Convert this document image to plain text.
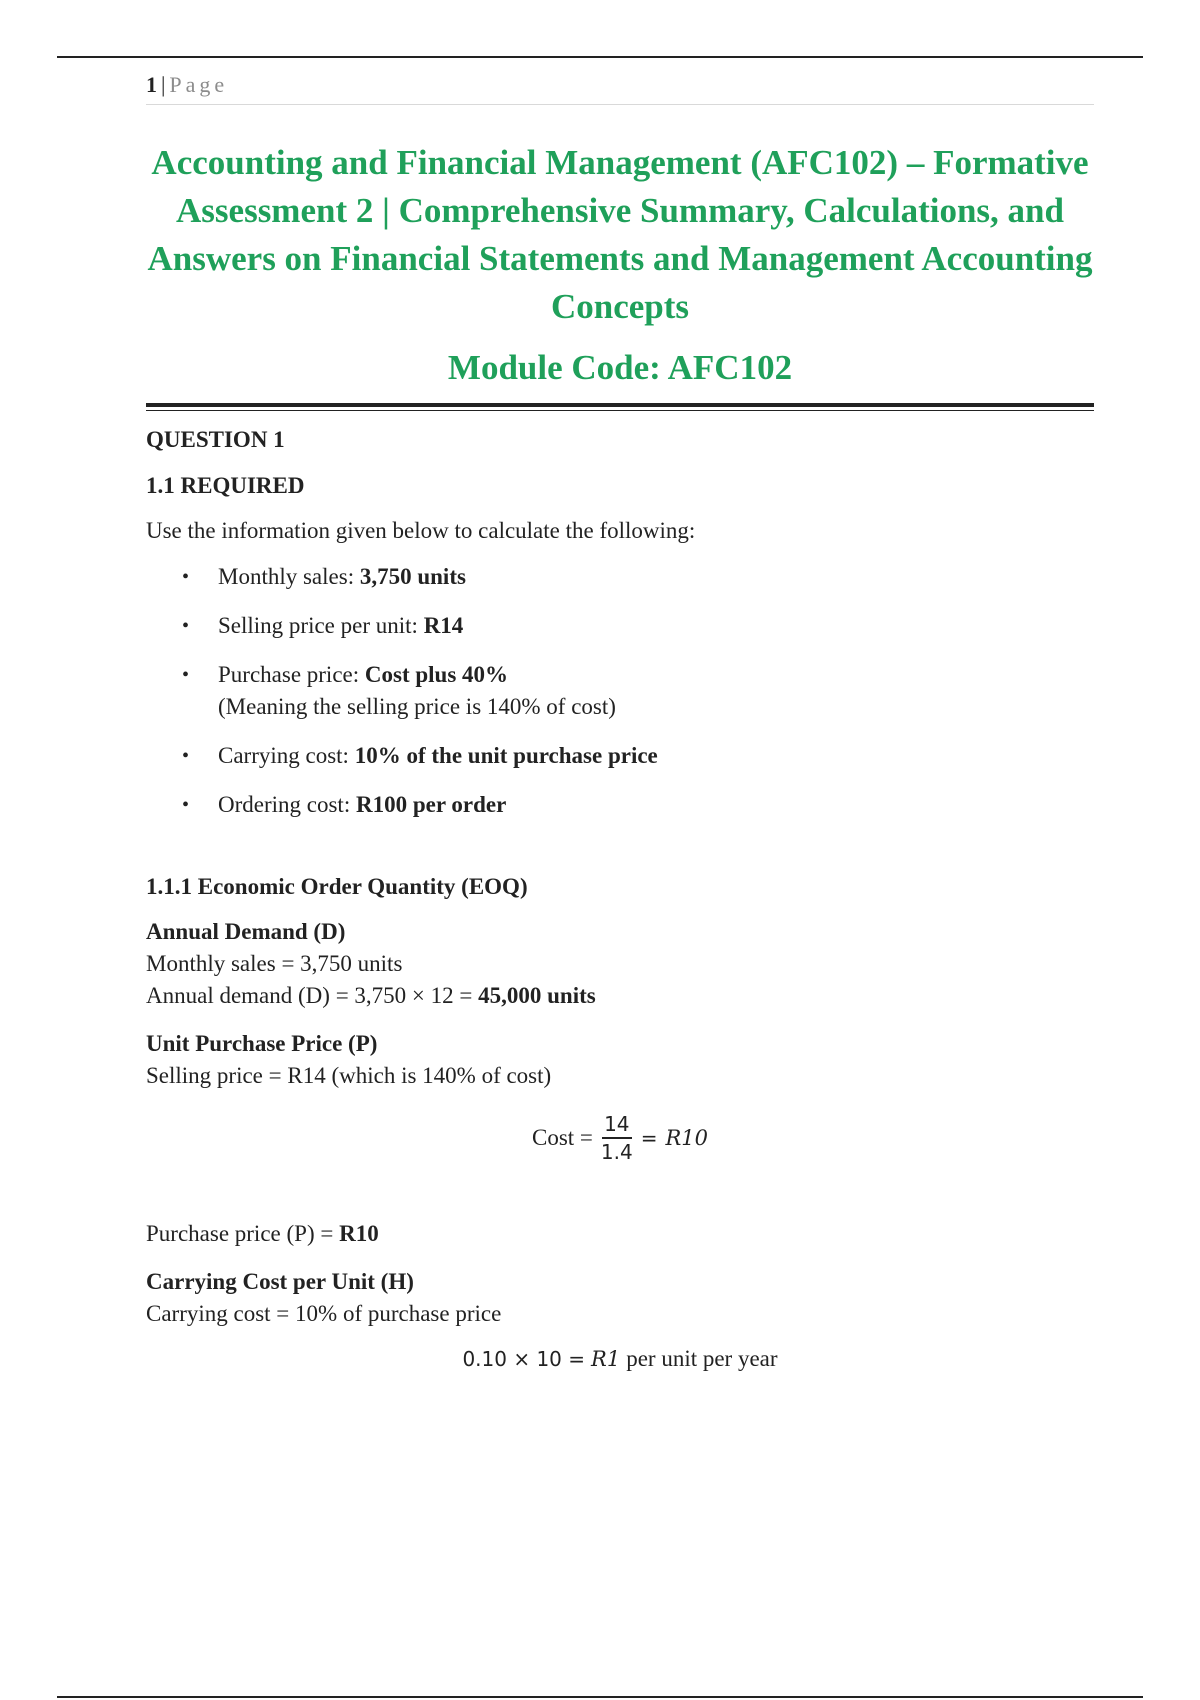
1 | Page
Accounting and Financial Management (AFC102) – Formative Assessment 2 | Comprehensive Summary, Calculations, and Answers on Financial Statements and Management Accounting Concepts
Module Code: AFC102

QUESTION 1

1.1 REQUIRED

Use the information given below to calculate the following:

• Monthly sales: 3,750 units
• Selling price per unit: R14
• Purchase price: Cost plus 40%
(Meaning the selling price is 140% of cost)
• Carrying cost: 10% of the unit purchase price
• Ordering cost: R100 per order

1.1.1 Economic Order Quantity (EOQ)

Annual Demand (D)

Monthly sales = 3,750 units

Annual demand (D) = 3,750 × 12 = 45,000 units

Unit Purchase Price (P)

Selling price = R14 (which is 140% of cost)

Cost = $\frac{14}{1.4} = R10$

Purchase price (P) = R10

Carrying Cost per Unit (H)

Carrying cost = 10% of purchase price

0.10 × 10 = R1 per unit per year
